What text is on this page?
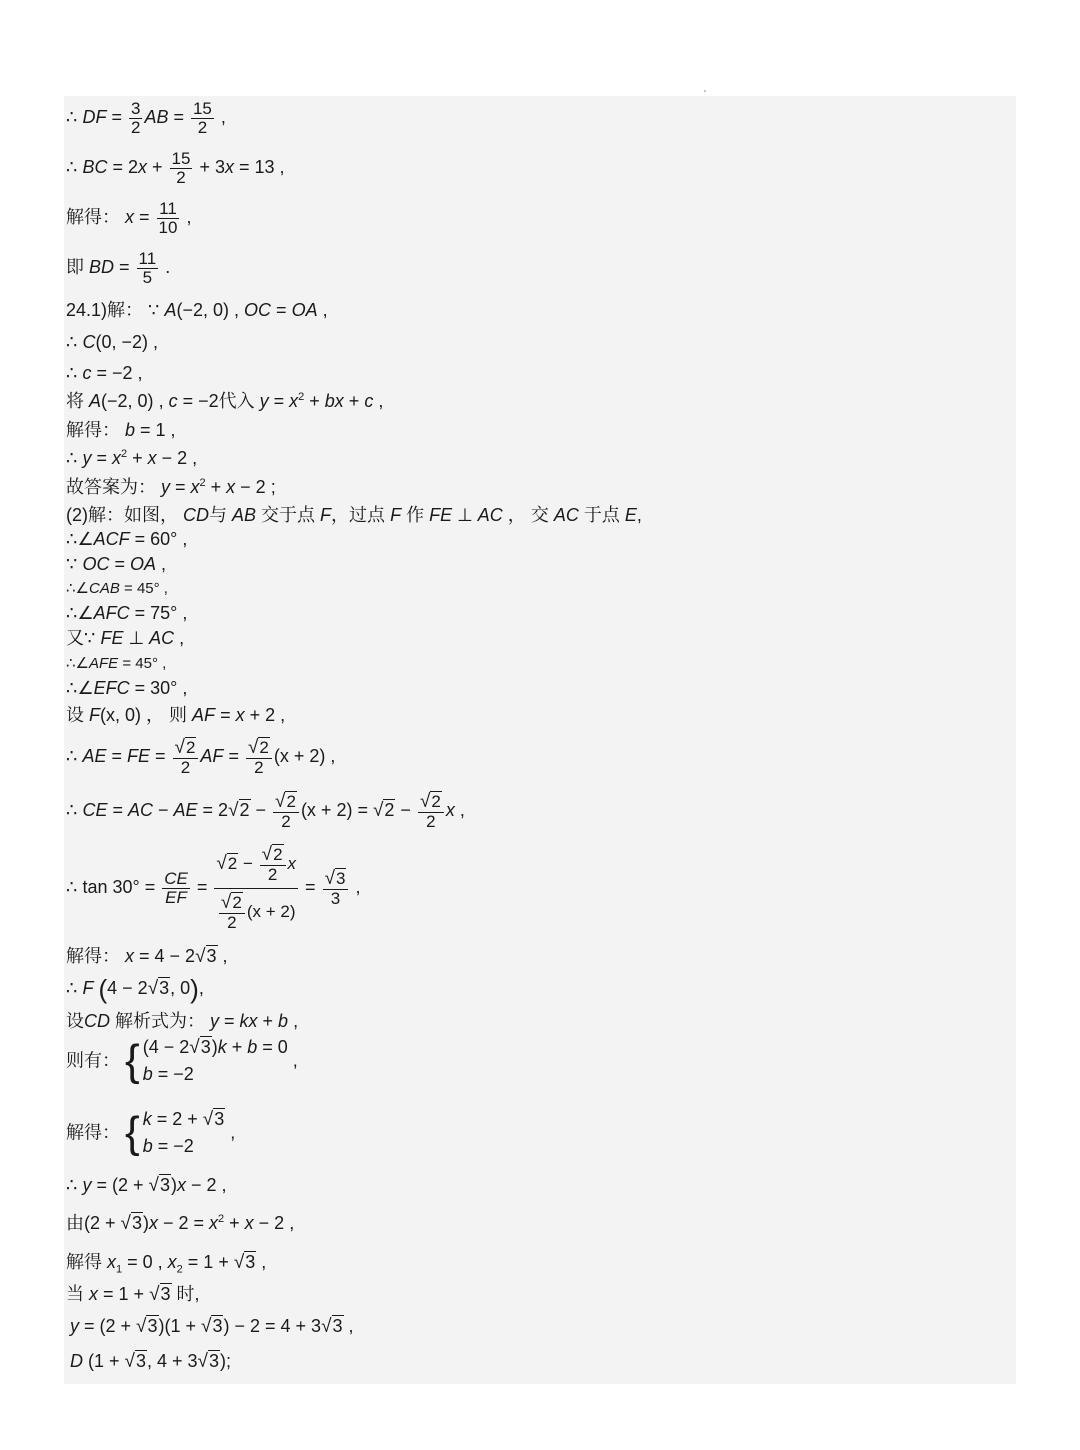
∴ DF = $\frac{3}{2}$ AB = $\frac{15}{2}$ ,
∴ BC = $2x + \frac{15}{2} + 3x = 13$ ,
解得： $x = \frac{11}{10}$ ,
即 BD = $\frac{11}{5}$ .
24.1)解： ∵ A(−2, 0) , OC = OA ,
∴ C(0, −2) ,
∴ c = −2 ,
将 A(−2, 0) , c = −2代入 $y = x^2$ + bx + c ,
解得： b = 1 ,
∴ $y = x^2 + x - 2$ ,
故答案为： $y = x^2 + x - 2$ ;
(2)解：如图， CD与 AB 交于点 F，过点 F 作 FE ⊥ AC ， 交 AC 于点 E,
∴∠ACF = 60° ,
∵ OC = OA ,
∴∠CAB = 45° ,
∴∠AFC = 75° ,
又∵ FE ⊥ AC ,
∴∠AFE = 45° ,
∴∠EFC = 30° ,
设 F(x, 0) ， 则 AF = x + 2 ,
∴ AE = FE = $\frac{√2}{2}$ AF = $\frac{√2}{2} (x + 2)$ ,
∴ CE = AC − AE = $2√2 - \frac{√2}{2} (x + 2) = √2 - \frac{√2}{2}$ x ,
∴ $\tan 30^\circ = \frac{CE}{EF} = \frac{√2 - \frac{√2}{2} x}{\frac{√2}{2} (x + 2)} = \frac{√3}{3}$ ,
解得： x = 4 − 2√3 ,
∴ F (4 − 2√3, 0),
设CD 解析式为： y = kx + b ,
则有： { (4 − 2√3)k + b = 0
b = −2
,
解得： { k = 2 + √3
b = −2
,
∴ y = (2 + √3)x − 2 ,
由$(2 + √3)x - 2 = x^2 + x - 2$ ,
解得 $x_1 = 0$ , $x_2 = 1 + √3$ ,
当 x = 1 + √3 时,
y = (2 + √3)(1 + √3) − 2 = 4 + 3√3 ,
D (1 + √3, 4 + 3√3);
